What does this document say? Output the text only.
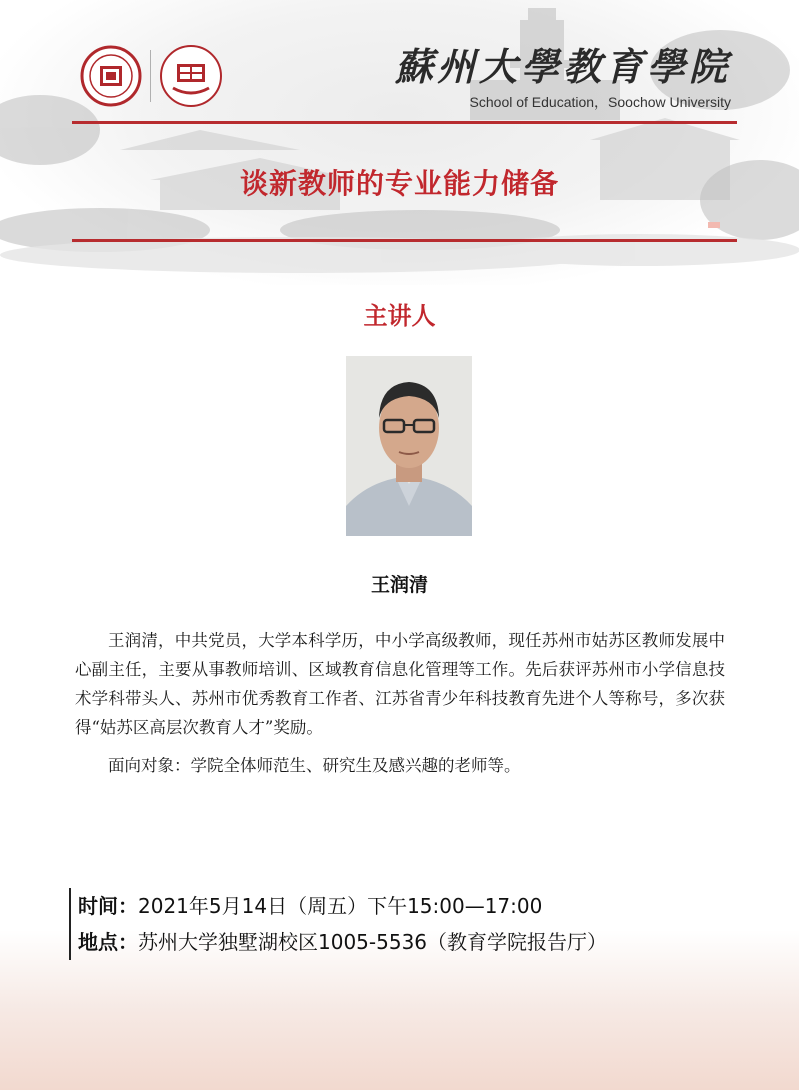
蘇州大學教育學院
School of Education，Soochow University
谈新教师的专业能力储备
主讲人
王润清

王润清，中共党员，大学本科学历，中小学高级教师，现任苏州市姑苏区教师发展中心副主任，主要从事教师培训、区域教育信息化管理等工作。先后获评苏州市小学信息技术学科带头人、苏州市优秀教育工作者、江苏省青少年科技教育先进个人等称号，多次获得“姑苏区高层次教育人才”奖励。

面向对象：学院全体师范生、研究生及感兴趣的老师等。

时间：2021年5月14日（周五）下午15:00—17:00
地点：苏州大学独墅湖校区1005-5536（教育学院报告厅）
